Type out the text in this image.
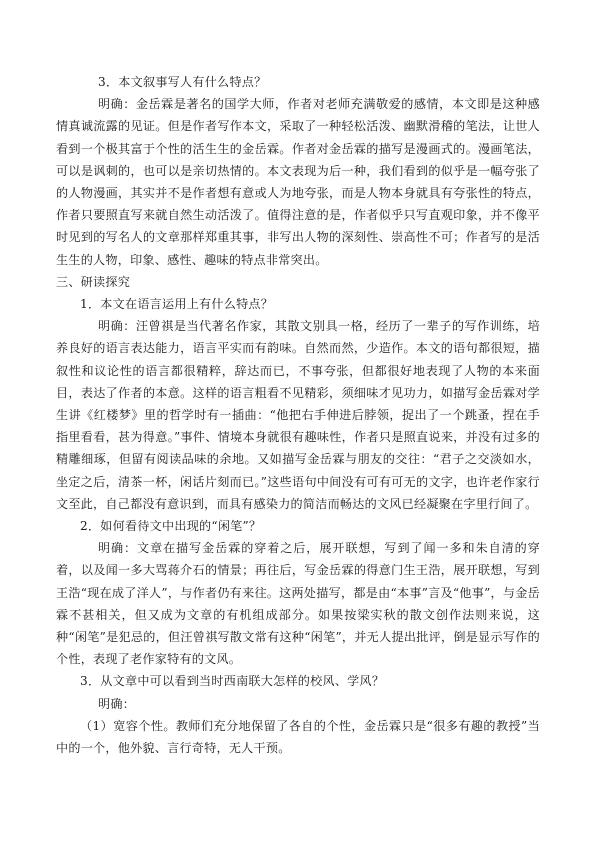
3．本文叙事写人有什么特点？

明确：金岳霖是著名的国学大师，作者对老师充满敬爱的感情，本文即是这种感情真诚流露的见证。但是作者写作本文，采取了一种轻松活泼、幽默滑稽的笔法，让世人看到一个极其富于个性的活生生的金岳霖。作者对金岳霖的描写是漫画式的。漫画笔法，可以是讽刺的，也可以是亲切热情的。本文表现为后一种，我们看到的似乎是一幅夸张了的人物漫画，其实并不是作者想有意或人为地夸张，而是人物本身就具有夸张性的特点，作者只要照直写来就自然生动活泼了。值得注意的是，作者似乎只写直观印象，并不像平时见到的写名人的文章那样郑重其事，非写出人物的深刻性、崇高性不可；作者写的是活生生的人物，印象、感性、趣味的特点非常突出。

三、研读探究

1．本文在语言运用上有什么特点？

明确：汪曾祺是当代著名作家，其散文别具一格，经历了一辈子的写作训练，培养良好的语言表达能力，语言平实而有韵味。自然而然，少造作。本文的语句都很短，描叙性和议论性的语言都很精粹，辞达而已，不事夸张，但都很好地表现了人物的本来面目，表达了作者的本意。这样的语言粗看不见精彩，须细味才见功力，如描写金岳霖对学生讲《红楼梦》里的哲学时有一插曲：“他把右手伸进后脖领，捉出了一个跳蚤，捏在手指里看看，甚为得意。”事件、情境本身就很有趣味性，作者只是照直说来，并没有过多的精雕细琢，但留有阅读品味的余地。又如描写金岳霖与朋友的交往：“君子之交淡如水，坐定之后，清茶一杯，闲话片刻而已。”这些语句中间没有可有可无的文字，也许老作家行文至此，自己都没有意识到，而具有感染力的简洁而畅达的文风已经凝聚在字里行间了。

2．如何看待文中出现的“闲笔”？

明确：文章在描写金岳霖的穿着之后，展开联想，写到了闻一多和朱自清的穿着，以及闻一多大骂蒋介石的情景；再往后，写金岳霖的得意门生王浩，展开联想，写到王浩“现在成了洋人”，与作者仍有来往。这两处描写，都是由“本事”言及“他事”，与金岳霖不甚相关，但又成为文章的有机组成部分。如果按梁实秋的散文创作法则来说，这种“闲笔”是犯忌的，但汪曾祺写散文常有这种“闲笔”，并无人提出批评，倒是显示写作的个性，表现了老作家特有的文风。

3．从文章中可以看到当时西南联大怎样的校风、学风？

明确：

（1）宽容个性。教师们充分地保留了各自的个性，金岳霖只是“很多有趣的教授”当中的一个，他外貌、言行奇特，无人干预。
